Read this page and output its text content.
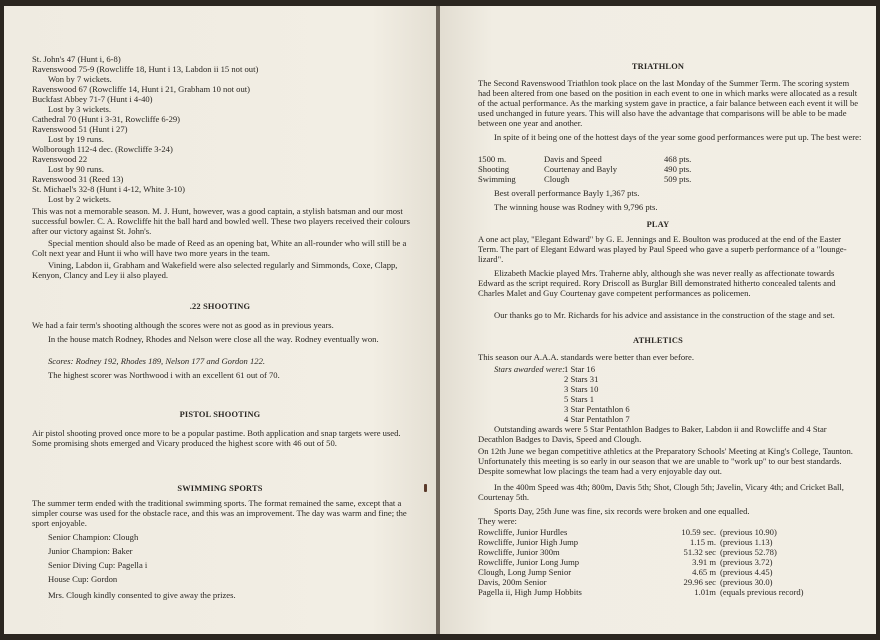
St. John's 47 (Hunt i, 6-8)
Ravenswood 75-9 (Rowcliffe 18, Hunt i 13, Labdon ii 15 not out)
Won by 7 wickets.
Ravenswood 67 (Rowcliffe 14, Hunt i 21, Grabham 10 not out)
Buckfast Abbey 71-7 (Hunt i 4-40)
Lost by 3 wickets.
Cathedral 70 (Hunt i 3-31, Rowcliffe 6-29)
Ravenswood 51 (Hunt i 27)
Lost by 19 runs.
Wolborough 112-4 dec. (Rowcliffe 3-24)
Ravenswood 22
Lost by 90 runs.
Ravenswood 31 (Reed 13)
St. Michael's 32-8 (Hunt i 4-12, White 3-10)
Lost by 2 wickets.
This was not a memorable season. M. J. Hunt, however, was a good captain, a stylish batsman and our most successful bowler. C. A. Rowcliffe hit the ball hard and bowled well. These two players received their colours after our victory against St. John's.
Special mention should also be made of Reed as an opening bat, White an all-rounder who will still be a Colt next year and Hunt ii who will have two more years in the team.
Vining, Labdon ii, Grabham and Wakefield were also selected regularly and Simmonds, Coxe, Clapp, Kenyon, Clancy and Ley ii also played.
.22 SHOOTING
We had a fair term's shooting although the scores were not as good as in previous years.
In the house match Rodney, Rhodes and Nelson were close all the way. Rodney eventually won.
Scores: Rodney 192, Rhodes 189, Nelson 177 and Gordon 122.
The highest scorer was Northwood i with an excellent 61 out of 70.
PISTOL SHOOTING
Air pistol shooting proved once more to be a popular pastime. Both application and snap targets were used. Some promising shots emerged and Vicary produced the highest score with 46 out of 50.
SWIMMING SPORTS
The summer term ended with the traditional swimming sports. The format remained the same, except that a simpler course was used for the obstacle race, and this was an improvement. The day was warm and fine; the sport enjoyable.
Senior Champion: Clough
Junior Champion: Baker
Senior Diving Cup: Pagella i
House Cup: Gordon
Mrs. Clough kindly consented to give away the prizes.
TRIATHLON
The Second Ravenswood Triathlon took place on the last Monday of the Summer Term. The scoring system had been altered from one based on the position in each event to one in which marks were allocated as a result of the actual performance. As the marking system gave in practice, a fair balance between each event it will be used unchanged in future years. This will also have the advantage that comparisons will be able to be made between one year and another.
In spite of it being one of the hottest days of the year some good performances were put up. The best were:
1500 m.	Davis and Speed	468 pts.
Shooting	Courtenay and Bayly	490 pts.
Swimming	Clough	509 pts.
Best overall performance Bayly 1,367 pts.
The winning house was Rodney with 9,796 pts.
PLAY
A one act play, "Elegant Edward" by G. E. Jennings and E. Boulton was produced at the end of the Easter Term. The part of Elegant Edward was played by Paul Speed who gave a superb performance of a "lounge-lizard".
Elizabeth Mackie played Mrs. Traherne ably, although she was never really as affectionate towards Edward as the script required. Rory Driscoll as Burglar Bill demonstrated hitherto concealed talents and Charles Malet and Guy Courtenay gave competent performances as policemen.
Our thanks go to Mr. Richards for his advice and assistance in the construction of the stage and set.
ATHLETICS
This season our A.A.A. standards were better than ever before.
Stars awarded were: 1 Star 16
2 Stars 31
3 Stars 10
5 Stars 1
3 Star Pentathlon 6
4 Star Pentathlon 7
Outstanding awards were 5 Star Pentathlon Badges to Baker, Labdon ii and Rowcliffe and 4 Star Decathlon Badges to Davis, Speed and Clough.
On 12th June we began competitive athletics at the Preparatory Schools' Meeting at King's College, Taunton. Unfortunately this meeting is so early in our season that we are unable to "work up" to our best standards. Despite somewhat low placings the team had a very enjoyable day out.
In the 400m Speed was 4th; 800m, Davis 5th; Shot, Clough 5th; Javelin, Vicary 4th; and Cricket Ball, Courtenay 5th.
Sports Day, 25th June was fine, six records were broken and one equalled.
They were:
Rowcliffe, Junior Hurdles	10.59 sec.	(previous 10.90)
Rowcliffe, Junior High Jump	1.15 m.	(previous 1.13)
Rowcliffe, Junior 300m	51.32 sec	(previous 52.78)
Rowcliffe, Junior Long Jump	3.91 m	(previous 3.72)
Clough, Long Jump Senior	4.65 m	(previous 4.45)
Davis, 200m Senior	29.96 sec	(previous 30.0)
Pagella ii, High Jump Hobbits	1.01m	(equals previous record)
